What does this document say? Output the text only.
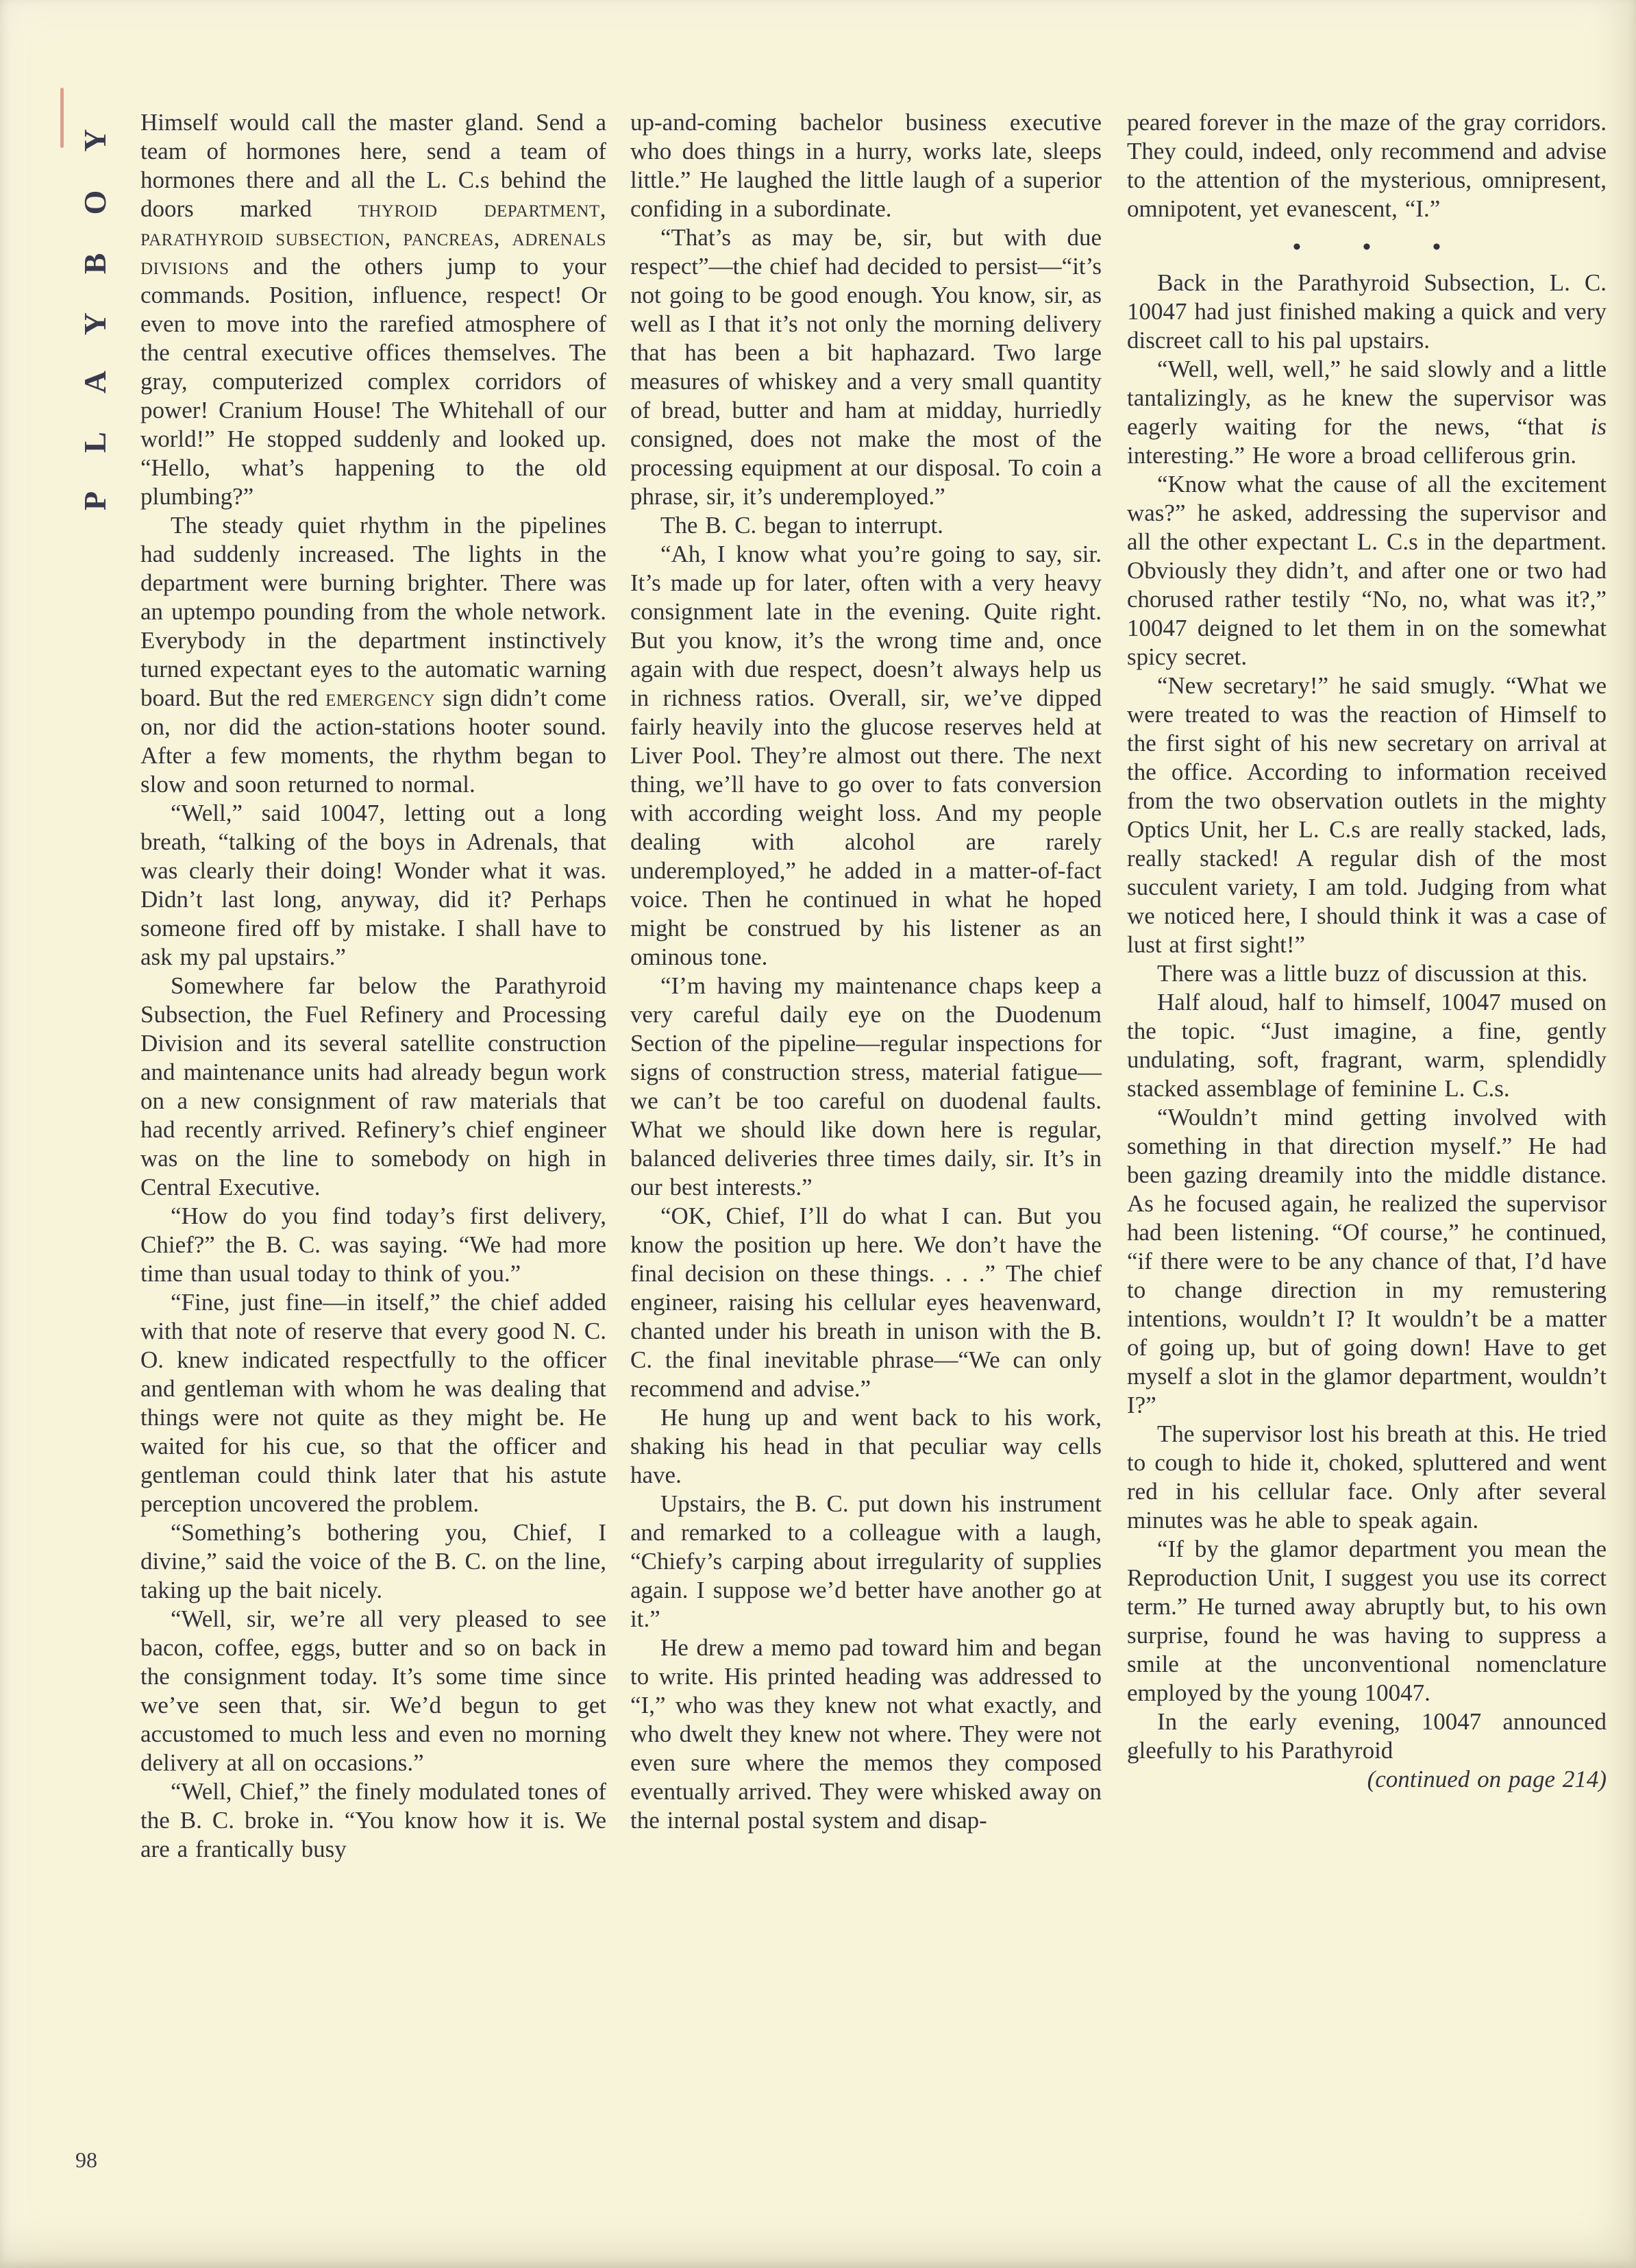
PLAYBOY Himself would call the master gland. Send a team of hormones here, send a team of hormones there and all the L. C.s behind the doors marked thyroid department, parathyroid subsection, pancreas, adrenals divisions and the others jump to your commands. Position, influence, respect! Or even to move into the rarefied atmosphere of the central executive offices themselves. The gray, computerized complex corridors of power! Cranium House! The Whitehall of our world!” He stopped suddenly and looked up. “Hello, what’s happening to the old plumbing?”

The steady quiet rhythm in the pipelines had suddenly increased. The lights in the department were burning brighter. There was an uptempo pounding from the whole network. Everybody in the department instinctively turned expectant eyes to the automatic warning board. But the red emergency sign didn’t come on, nor did the action-stations hooter sound. After a few moments, the rhythm began to slow and soon returned to normal.

“Well,” said 10047, letting out a long breath, “talking of the boys in Adrenals, that was clearly their doing! Wonder what it was. Didn’t last long, anyway, did it? Perhaps someone fired off by mistake. I shall have to ask my pal upstairs.”

Somewhere far below the Parathyroid Subsection, the Fuel Refinery and Processing Division and its several satellite construction and maintenance units had already begun work on a new consignment of raw materials that had recently arrived. Refinery’s chief engineer was on the line to somebody on high in Central Executive.

“How do you find today’s first delivery, Chief?” the B. C. was saying. “We had more time than usual today to think of you.”

“Fine, just fine—in itself,” the chief added with that note of reserve that every good N. C. O. knew indicated respectfully to the officer and gentleman with whom he was dealing that things were not quite as they might be. He waited for his cue, so that the officer and gentleman could think later that his astute perception uncovered the problem.

“Something’s bothering you, Chief, I divine,” said the voice of the B. C. on the line, taking up the bait nicely.

“Well, sir, we’re all very pleased to see bacon, coffee, eggs, butter and so on back in the consignment today. It’s some time since we’ve seen that, sir. We’d begun to get accustomed to much less and even no morning delivery at all on occasions.”

“Well, Chief,” the finely modulated tones of the B. C. broke in. “You know how it is. We are a frantically busy

up-and-coming bachelor business executive who does things in a hurry, works late, sleeps little.” He laughed the little laugh of a superior confiding in a subordinate.

“That’s as may be, sir, but with due respect”—the chief had decided to persist—“it’s not going to be good enough. You know, sir, as well as I that it’s not only the morning delivery that has been a bit haphazard. Two large measures of whiskey and a very small quantity of bread, butter and ham at midday, hurriedly consigned, does not make the most of the processing equipment at our disposal. To coin a phrase, sir, it’s underemployed.”

The B. C. began to interrupt.

“Ah, I know what you’re going to say, sir. It’s made up for later, often with a very heavy consignment late in the evening. Quite right. But you know, it’s the wrong time and, once again with due respect, doesn’t always help us in richness ratios. Overall, sir, we’ve dipped fairly heavily into the glucose reserves held at Liver Pool. They’re almost out there. The next thing, we’ll have to go over to fats conversion with according weight loss. And my people dealing with alcohol are rarely underemployed,” he added in a matter-of-fact voice. Then he continued in what he hoped might be construed by his listener as an ominous tone.

“I’m having my maintenance chaps keep a very careful daily eye on the Duodenum Section of the pipeline—regular inspections for signs of construction stress, material fatigue—we can’t be too careful on duodenal faults. What we should like down here is regular, balanced deliveries three times daily, sir. It’s in our best interests.”

“OK, Chief, I’ll do what I can. But you know the position up here. We don’t have the final decision on these things. . . .” The chief engineer, raising his cellular eyes heavenward, chanted under his breath in unison with the B. C. the final inevitable phrase—“We can only recommend and advise.”

He hung up and went back to his work, shaking his head in that peculiar way cells have.

Upstairs, the B. C. put down his instrument and remarked to a colleague with a laugh, “Chiefy’s carping about irregularity of supplies again. I suppose we’d better have another go at it.”

He drew a memo pad toward him and began to write. His printed heading was addressed to “I,” who was they knew not what exactly, and who dwelt they knew not where. They were not even sure where the memos they composed eventually arrived. They were whisked away on the internal postal system and disap-

peared forever in the maze of the gray corridors. They could, indeed, only recommend and advise to the attention of the mysterious, omnipresent, omnipotent, yet evanescent, “I.”

• • •

Back in the Parathyroid Subsection, L. C. 10047 had just finished making a quick and very discreet call to his pal upstairs.

“Well, well, well,” he said slowly and a little tantalizingly, as he knew the supervisor was eagerly waiting for the news, “that is interesting.” He wore a broad celliferous grin.

“Know what the cause of all the excitement was?” he asked, addressing the supervisor and all the other expectant L. C.s in the department. Obviously they didn’t, and after one or two had chorused rather testily “No, no, what was it?,” 10047 deigned to let them in on the somewhat spicy secret.

“New secretary!” he said smugly. “What we were treated to was the reaction of Himself to the first sight of his new secretary on arrival at the office. According to information received from the two observation outlets in the mighty Optics Unit, her L. C.s are really stacked, lads, really stacked! A regular dish of the most succulent variety, I am told. Judging from what we noticed here, I should think it was a case of lust at first sight!”

There was a little buzz of discussion at this.

Half aloud, half to himself, 10047 mused on the topic. “Just imagine, a fine, gently undulating, soft, fragrant, warm, splendidly stacked assemblage of feminine L. C.s.

“Wouldn’t mind getting involved with something in that direction myself.” He had been gazing dreamily into the middle distance. As he focused again, he realized the supervisor had been listening. “Of course,” he continued, “if there were to be any chance of that, I’d have to change direction in my remustering intentions, wouldn’t I? It wouldn’t be a matter of going up, but of going down! Have to get myself a slot in the glamor department, wouldn’t I?”

The supervisor lost his breath at this. He tried to cough to hide it, choked, spluttered and went red in his cellular face. Only after several minutes was he able to speak again.

“If by the glamor department you mean the Reproduction Unit, I suggest you use its correct term.” He turned away abruptly but, to his own surprise, found he was having to suppress a smile at the unconventional nomenclature employed by the young 10047.

In the early evening, 10047 announced gleefully to his Parathyroid

(continued on page 214)

98
